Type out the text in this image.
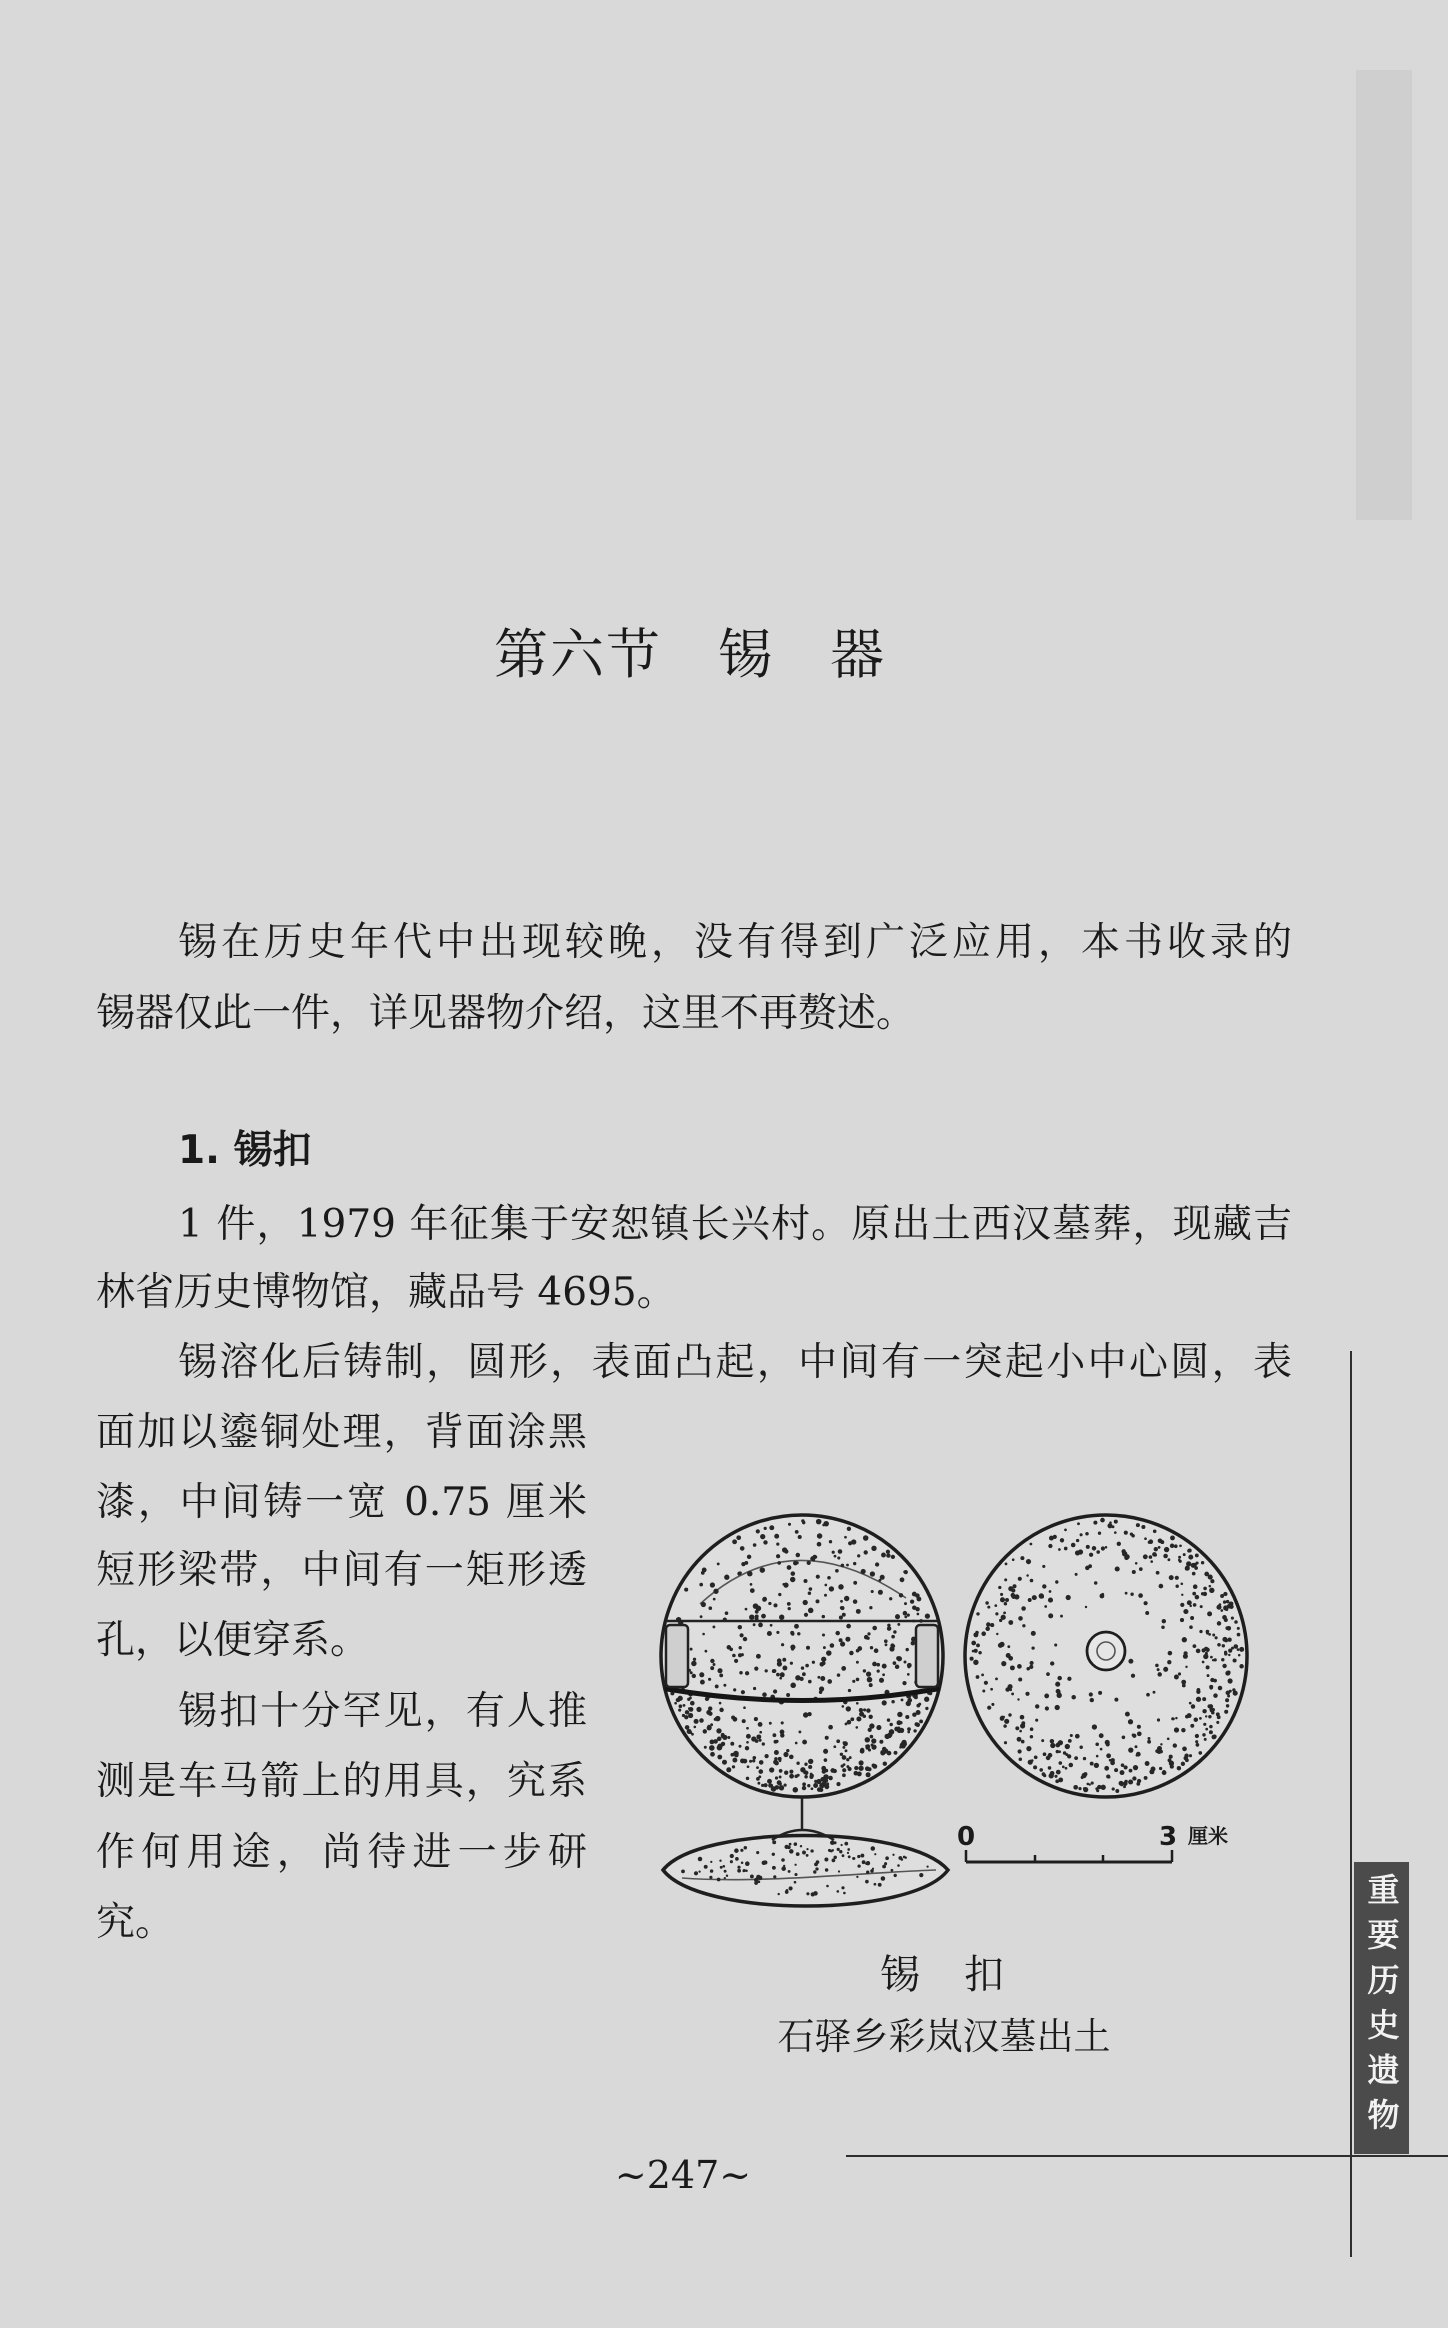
第六节　锡　器
锡在历史年代中出现较晚，没有得到广泛应用，本书收录的
锡器仅此一件，详见器物介绍，这里不再赘述。
1. 锡扣
1 件，1979 年征集于安恕镇长兴村。原出土西汉墓葬，现藏吉
林省历史博物馆，藏品号 4695。
锡溶化后铸制，圆形，表面凸起，中间有一突起小中心圆，表
面加以鎏铜处理，背面涂黑
漆，中间铸一宽 0.75 厘米
短形梁带，中间有一矩形透
孔，以便穿系。
锡扣十分罕见，有人推
测是车马箭上的用具，究系
作何用途，尚待进一步研
究。
0	3 厘米
锡　扣
石驿乡彩岚汉墓出土
~247~
重要历史遗物
